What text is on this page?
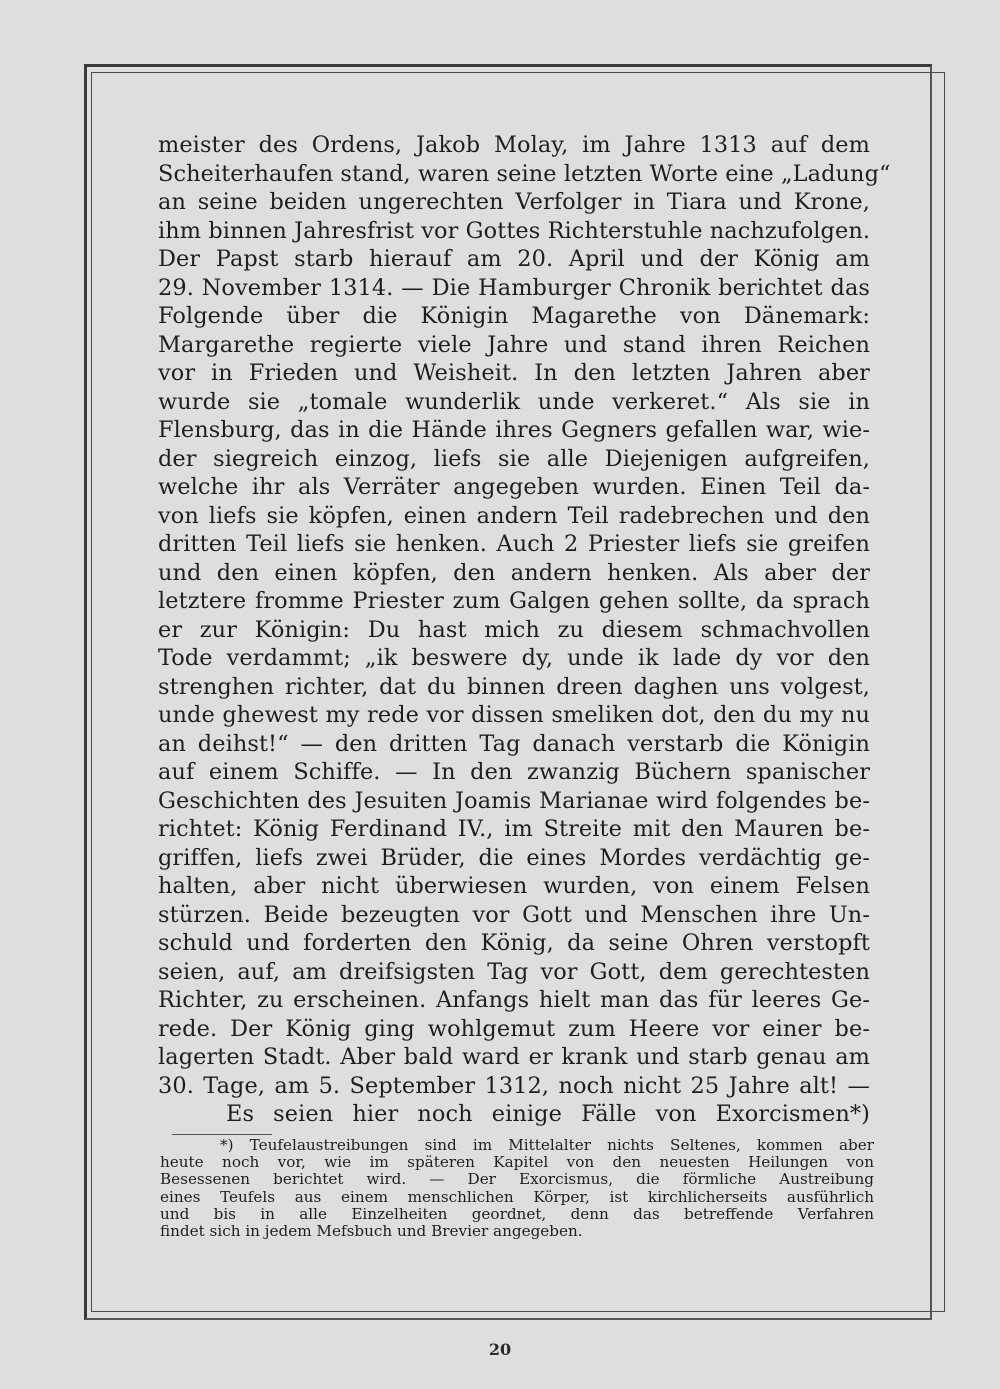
meister des Ordens, Jakob Molay, im Jahre 1313 auf dem
Scheiterhaufen stand, waren seine letzten Worte eine „Ladung“
an seine beiden ungerechten Verfolger in Tiara und Krone,
ihm binnen Jahresfrist vor Gottes Richterstuhle nachzufolgen.
Der Papst starb hierauf am 20. April und der König am
29. November 1314. — Die Hamburger Chronik berichtet das
Folgende über die Königin Magarethe von Dänemark:
Margarethe regierte viele Jahre und stand ihren Reichen
vor in Frieden und Weisheit. In den letzten Jahren aber
wurde sie „tomale wunderlik unde verkeret.“ Als sie in
Flensburg, das in die Hände ihres Gegners gefallen war, wie-
der siegreich einzog, liefs sie alle Diejenigen aufgreifen,
welche ihr als Verräter angegeben wurden. Einen Teil da-
von liefs sie köpfen, einen andern Teil radebrechen und den
dritten Teil liefs sie henken. Auch 2 Priester liefs sie greifen
und den einen köpfen, den andern henken. Als aber der
letztere fromme Priester zum Galgen gehen sollte, da sprach
er zur Königin: Du hast mich zu diesem schmachvollen
Tode verdammt; „ik beswere dy, unde ik lade dy vor den
strenghen richter, dat du binnen dreen daghen uns volgest,
unde ghewest my rede vor dissen smeliken dot, den du my nu
an deihst!“ — den dritten Tag danach verstarb die Königin
auf einem Schiffe. — In den zwanzig Büchern spanischer
Geschichten des Jesuiten Joamis Marianae wird folgendes be-
richtet: König Ferdinand IV., im Streite mit den Mauren be-
griffen, liefs zwei Brüder, die eines Mordes verdächtig ge-
halten, aber nicht überwiesen wurden, von einem Felsen
stürzen. Beide bezeugten vor Gott und Menschen ihre Un-
schuld und forderten den König, da seine Ohren verstopft
seien, auf, am dreifsigsten Tag vor Gott, dem gerechtesten
Richter, zu erscheinen. Anfangs hielt man das für leeres Ge-
rede. Der König ging wohlgemut zum Heere vor einer be-
lagerten Stadt. Aber bald ward er krank und starb genau am
30. Tage, am 5. September 1312, noch nicht 25 Jahre alt! —
Es seien hier noch einige Fälle von Exorcismen*)
*) Teufelaustreibungen sind im Mittelalter nichts Seltenes, kommen aber
heute noch vor, wie im späteren Kapitel von den neuesten Heilungen von
Besessenen berichtet wird. — Der Exorcismus, die förmliche Austreibung
eines Teufels aus einem menschlichen Körper, ist kirchlicherseits ausführlich
und bis in alle Einzelheiten geordnet, denn das betreffende Verfahren
findet sich in jedem Mefsbuch und Brevier angegeben.
20
